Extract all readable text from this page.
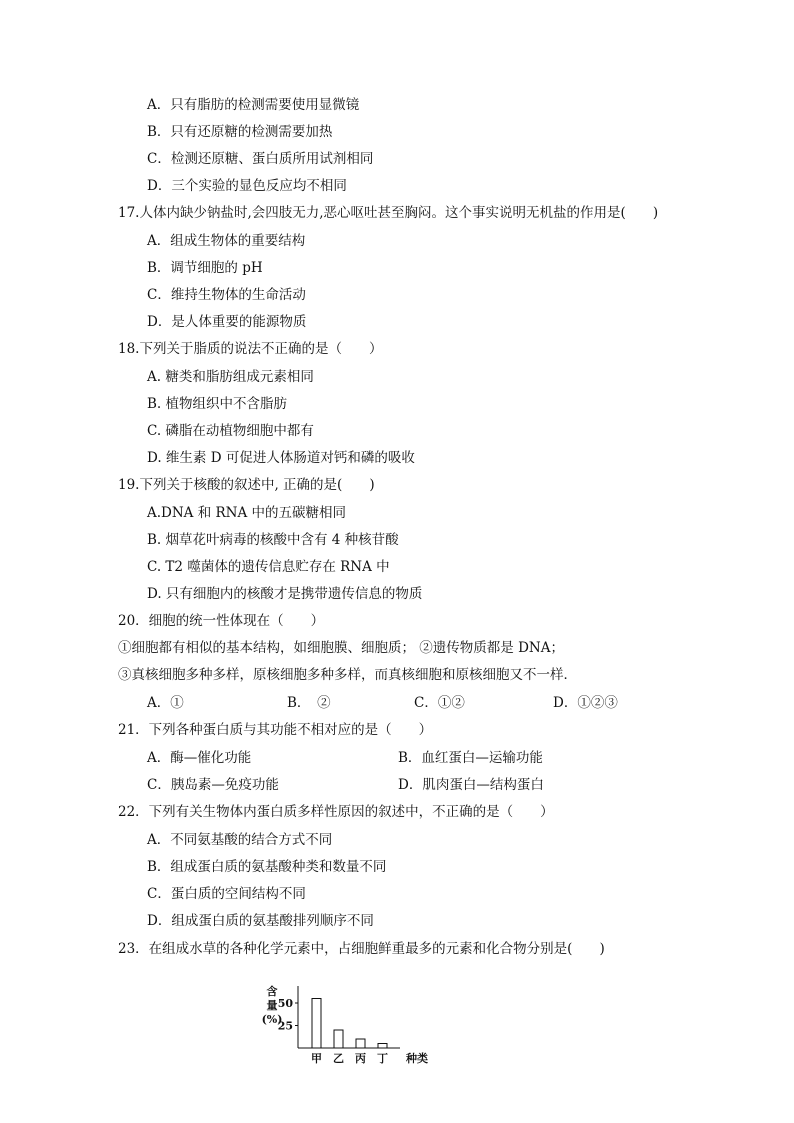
A．只有脂肪的检测需要使用显微镜
B．只有还原糖的检测需要加热
C．检测还原糖、蛋白质所用试剂相同
D．三个实验的显色反应均不相同
17.人体内缺少钠盐时,会四肢无力,恶心呕吐甚至胸闷。这个事实说明无机盐的作用是(　　)
A．组成生物体的重要结构
B．调节细胞的 pH
C．维持生物体的生命活动
D．是人体重要的能源物质
18.下列关于脂质的说法不正确的是（　　）
A. 糖类和脂肪组成元素相同
B. 植物组织中不含脂肪
C. 磷脂在动植物细胞中都有
D. 维生素 D 可促进人体肠道对钙和磷的吸收
19.下列关于核酸的叙述中, 正确的是(　　)
A.DNA 和 RNA 中的五碳糖相同
B. 烟草花叶病毒的核酸中含有 4 种核苷酸
C. T2 噬菌体的遗传信息贮存在 RNA 中
D. 只有细胞内的核酸才是携带遗传信息的物质
20．细胞的统一性体现在（　　）
①细胞都有相似的基本结构，如细胞膜、细胞质； ②遗传物质都是 DNA；
③真核细胞多种多样，原核细胞多种多样，而真核细胞和原核细胞又不一样．
A．①	B．　②	C．①②	D．①②③
21．下列各种蛋白质与其功能不相对应的是（　　）
A．酶—催化功能	B．血红蛋白—运输功能
C．胰岛素—免疫功能	D．肌肉蛋白—结构蛋白
22．下列有关生物体内蛋白质多样性原因的叙述中，不正确的是（　　）
A．不同氨基酸的结合方式不同
B．组成蛋白质的氨基酸种类和数量不同
C．蛋白质的空间结构不同
D．组成蛋白质的氨基酸排列顺序不同
23．在组成水草的各种化学元素中，占细胞鲜重最多的元素和化合物分别是(　　)
25
50
含
量
(%)
甲 乙 丙 丁 种类
